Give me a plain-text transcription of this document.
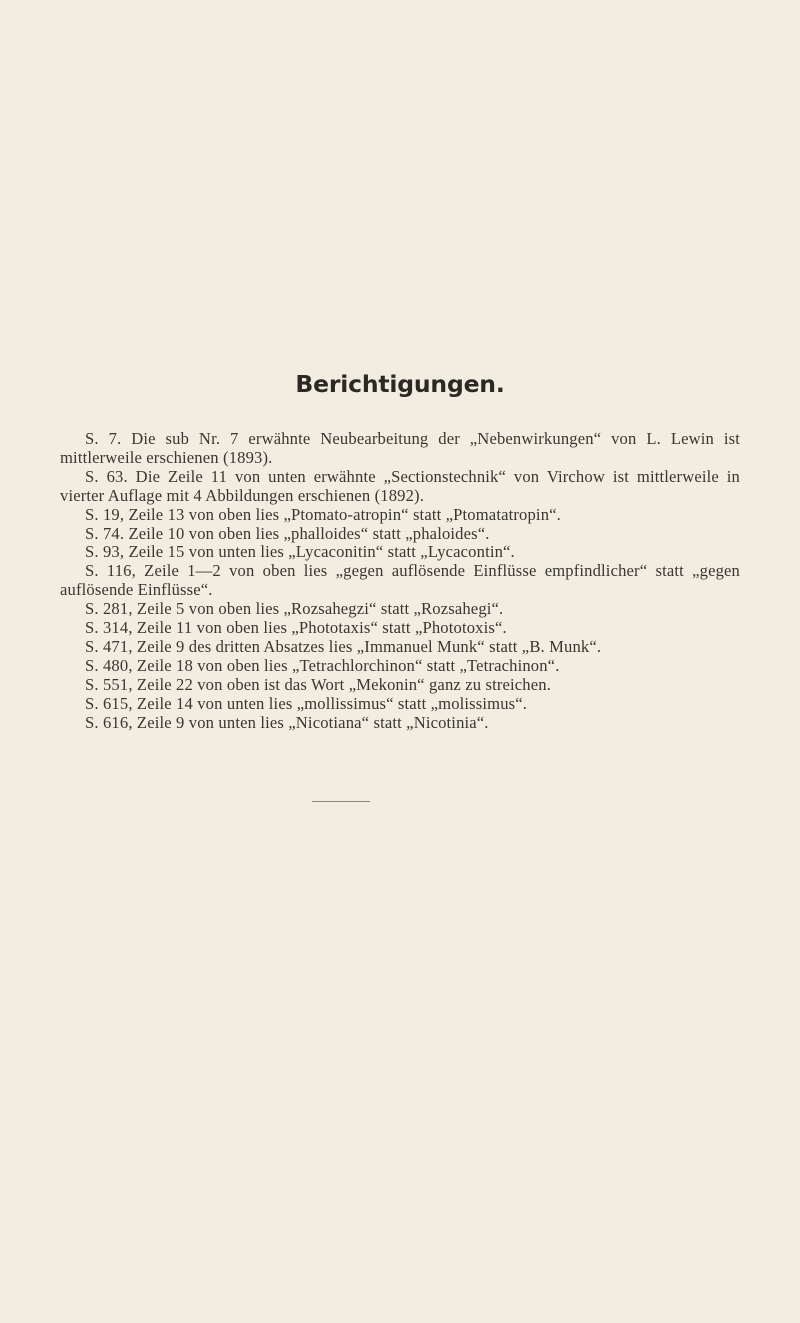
Berichtigungen.

S. 7. Die sub Nr. 7 erwähnte Neubearbeitung der „Nebenwirkungen“ von L. Lewin ist mittlerweile erschienen (1893).

S. 63. Die Zeile 11 von unten erwähnte „Sectionstechnik“ von Virchow ist mittlerweile in vierter Auflage mit 4 Abbildungen erschienen (1892).

S. 19, Zeile 13 von oben lies „Ptomato-atropin“ statt „Ptomatatropin“.

S. 74. Zeile 10 von oben lies „phalloides“ statt „phaloides“.

S. 93, Zeile 15 von unten lies „Lycaconitin“ statt „Lycacontin“.

S. 116, Zeile 1—2 von oben lies „gegen auflösende Einflüsse empfindlicher“ statt „gegen auflösende Einflüsse“.

S. 281, Zeile 5 von oben lies „Rozsahegzi“ statt „Rozsahegi“.

S. 314, Zeile 11 von oben lies „Phototaxis“ statt „Phototoxis“.

S. 471, Zeile 9 des dritten Absatzes lies „Immanuel Munk“ statt „B. Munk“.

S. 480, Zeile 18 von oben lies „Tetrachlorchinon“ statt „Tetrachinon“.

S. 551, Zeile 22 von oben ist das Wort „Mekonin“ ganz zu streichen.

S. 615, Zeile 14 von unten lies „mollissimus“ statt „molissimus“.

S. 616, Zeile 9 von unten lies „Nicotiana“ statt „Nicotinia“.
